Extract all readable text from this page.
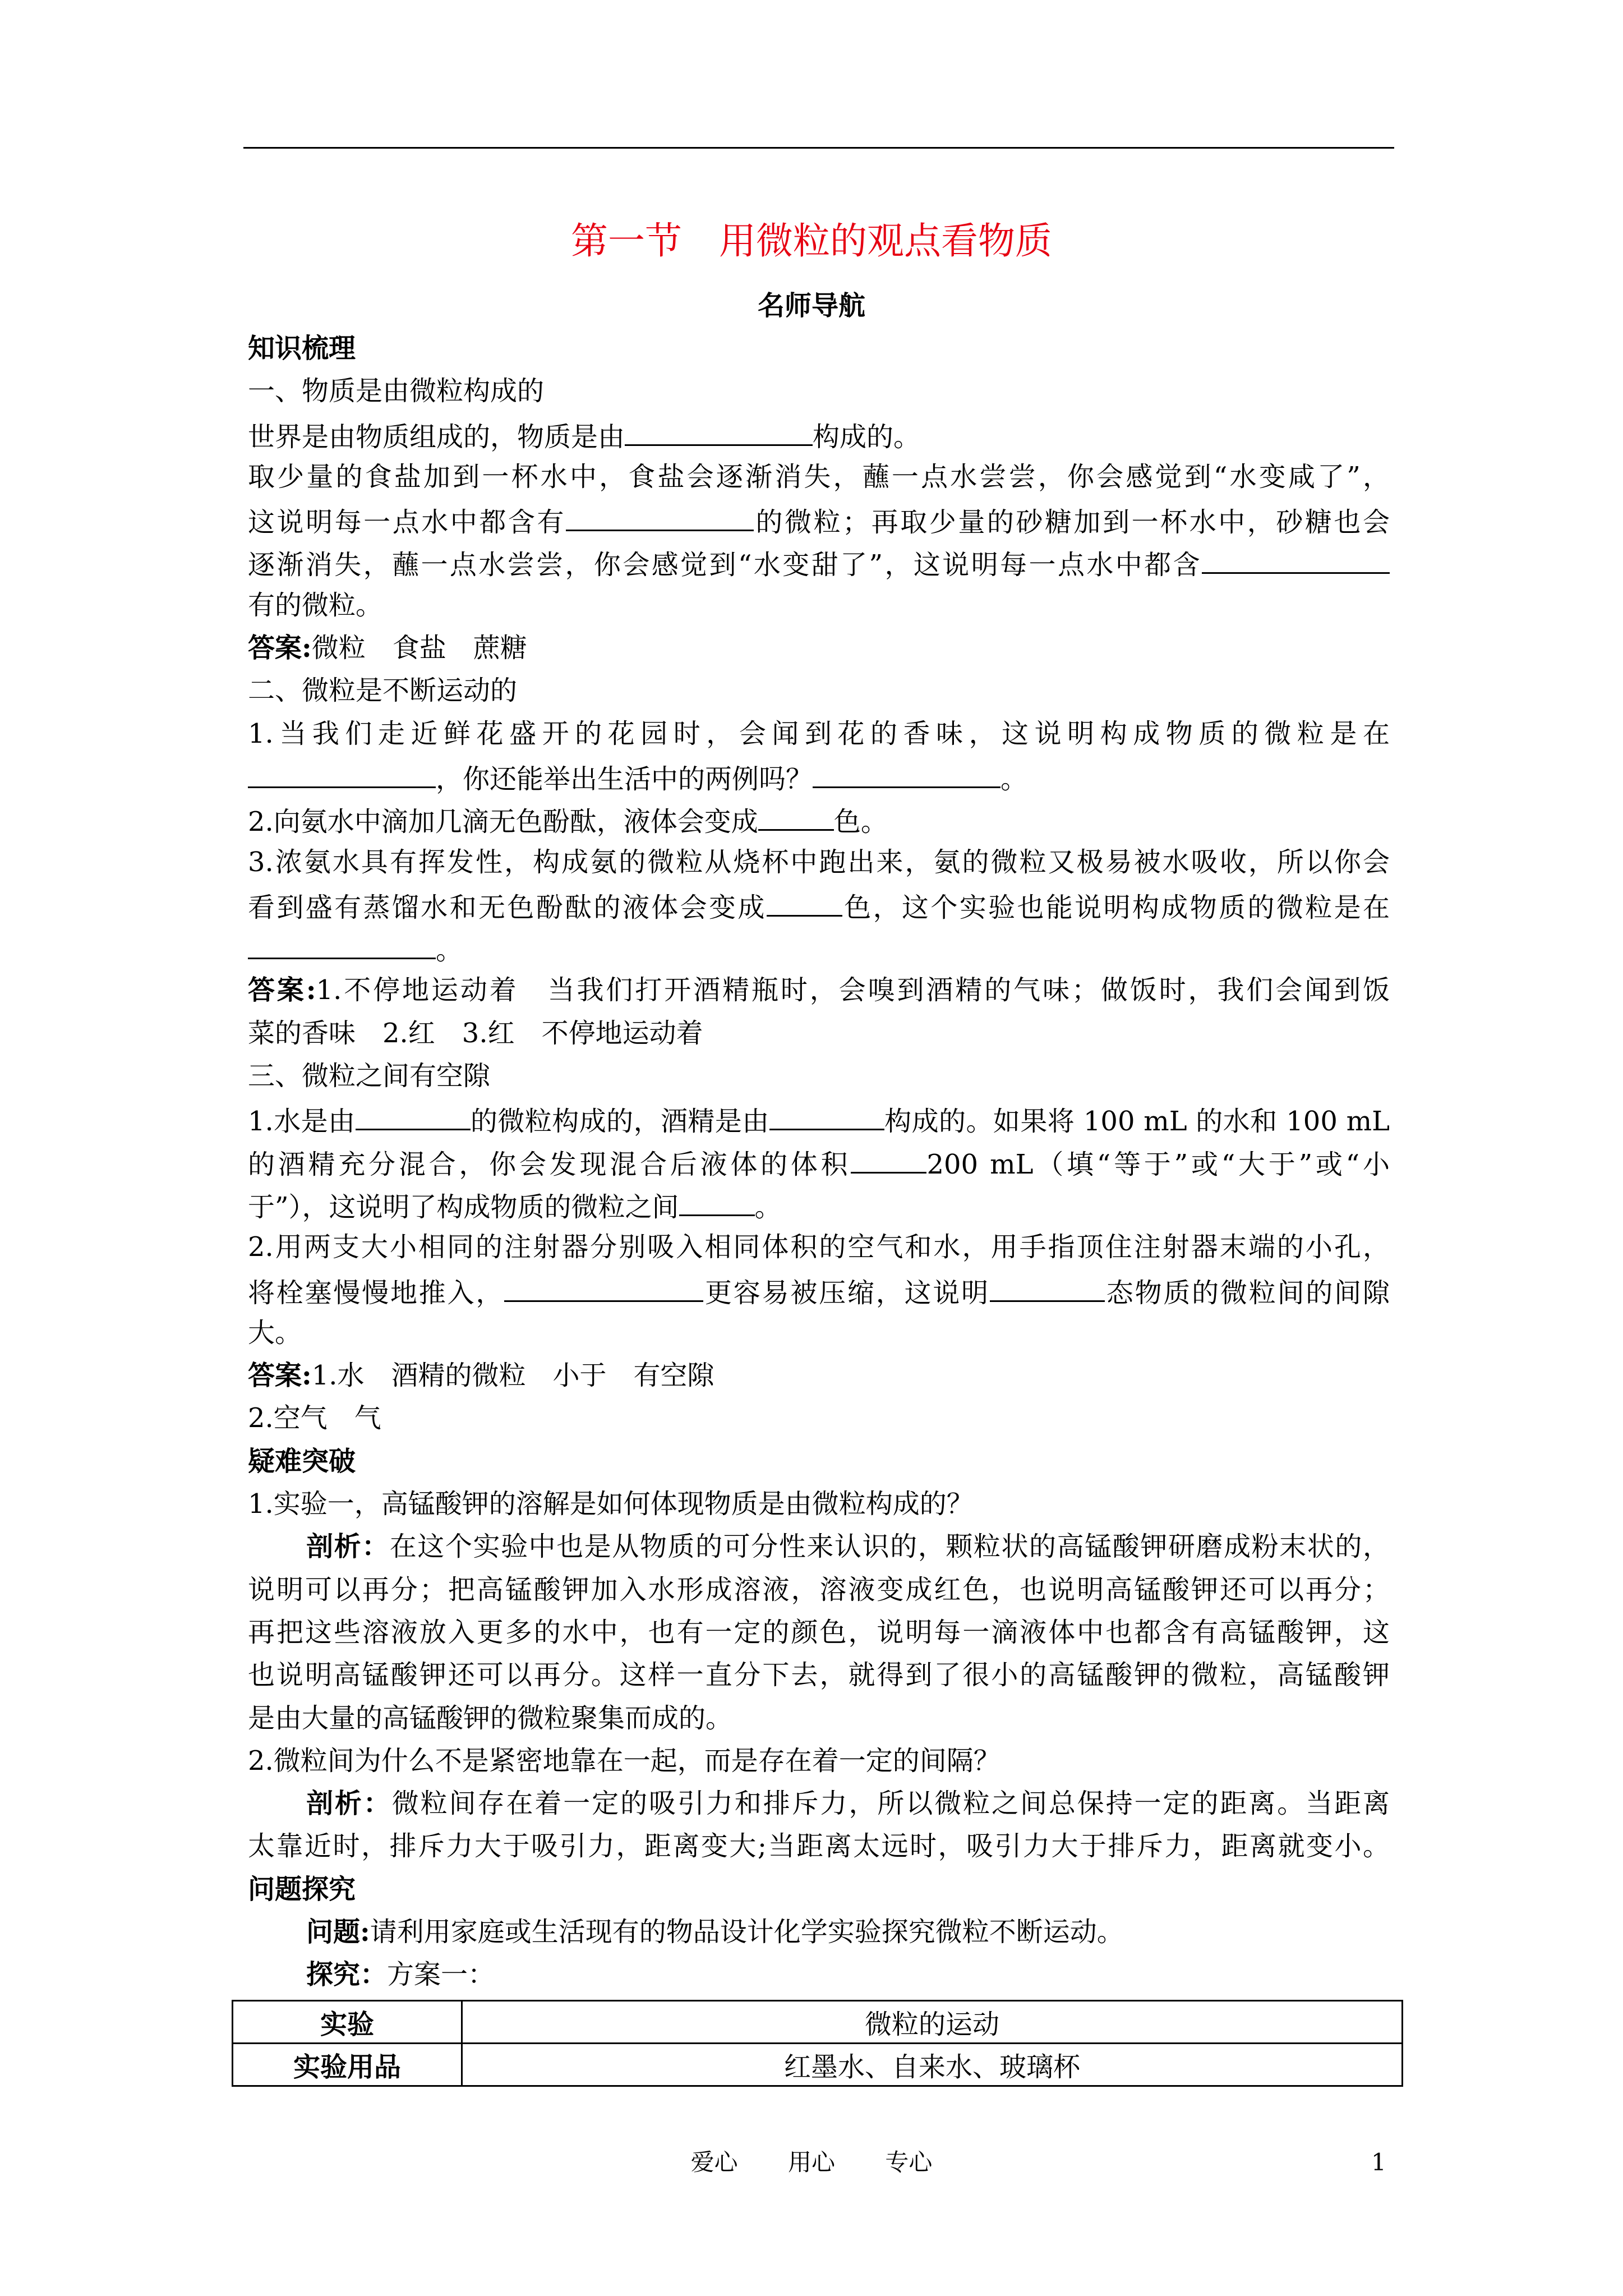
第一节　用微粒的观点看物质
名师导航
知识梳理
一、物质是由微粒构成的
世界是由物质组成的，物质是由	构成的。
取少量的食盐加到一杯水中，食盐会逐渐消失，蘸一点水尝尝，你会感觉到“水变咸了”，
这说明每一点水中都含有	的微粒；再取少量的砂糖加到一杯水中，砂糖也会
逐渐消失，蘸一点水尝尝，你会感觉到“水变甜了”，这说明每一点水中都含
有的微粒。
答案:微粒　食盐　蔗糖
二、微粒是不断运动的
1.当我们走近鲜花盛开的花园时，会闻到花的香味，这说明构成物质的微粒是在
，你还能举出生活中的两例吗？	。
2.向氨水中滴加几滴无色酚酞，液体会变成	色。
3.浓氨水具有挥发性，构成氨的微粒从烧杯中跑出来，氨的微粒又极易被水吸收，所以你会
看到盛有蒸馏水和无色酚酞的液体会变成	色，这个实验也能说明构成物质的微粒是在
。
答案:1.不停地运动着　当我们打开酒精瓶时，会嗅到酒精的气味；做饭时，我们会闻到饭
菜的香味　2.红　3.红　不停地运动着
三、微粒之间有空隙
1.水是由	的微粒构成的，酒精是由	构成的。如果将 100 mL 的水和 100 mL
的酒精充分混合，你会发现混合后液体的体积	200 mL（填“等于”或“大于”或“小
于”），这说明了构成物质的微粒之间	。
2.用两支大小相同的注射器分别吸入相同体积的空气和水，用手指顶住注射器末端的小孔，
将栓塞慢慢地推入，	更容易被压缩，这说明	态物质的微粒间的间隙
大。
答案:1.水　酒精的微粒　小于　有空隙
2.空气　气
疑难突破
1.实验一，高锰酸钾的溶解是如何体现物质是由微粒构成的？
剖析：在这个实验中也是从物质的可分性来认识的，颗粒状的高锰酸钾研磨成粉末状的，
说明可以再分；把高锰酸钾加入水形成溶液，溶液变成红色，也说明高锰酸钾还可以再分；
再把这些溶液放入更多的水中，也有一定的颜色，说明每一滴液体中也都含有高锰酸钾，这
也说明高锰酸钾还可以再分。这样一直分下去，就得到了很小的高锰酸钾的微粒，高锰酸钾
是由大量的高锰酸钾的微粒聚集而成的。
2.微粒间为什么不是紧密地靠在一起，而是存在着一定的间隔？
剖析：微粒间存在着一定的吸引力和排斥力，所以微粒之间总保持一定的距离。当距离
太靠近时，排斥力大于吸引力，距离变大;当距离太远时，吸引力大于排斥力，距离就变小。
问题探究
问题:请利用家庭或生活现有的物品设计化学实验探究微粒不断运动。
探究：方案一：
实验	微粒的运动
实验用品	红墨水、自来水、玻璃杯
爱心 用心 专心	1
